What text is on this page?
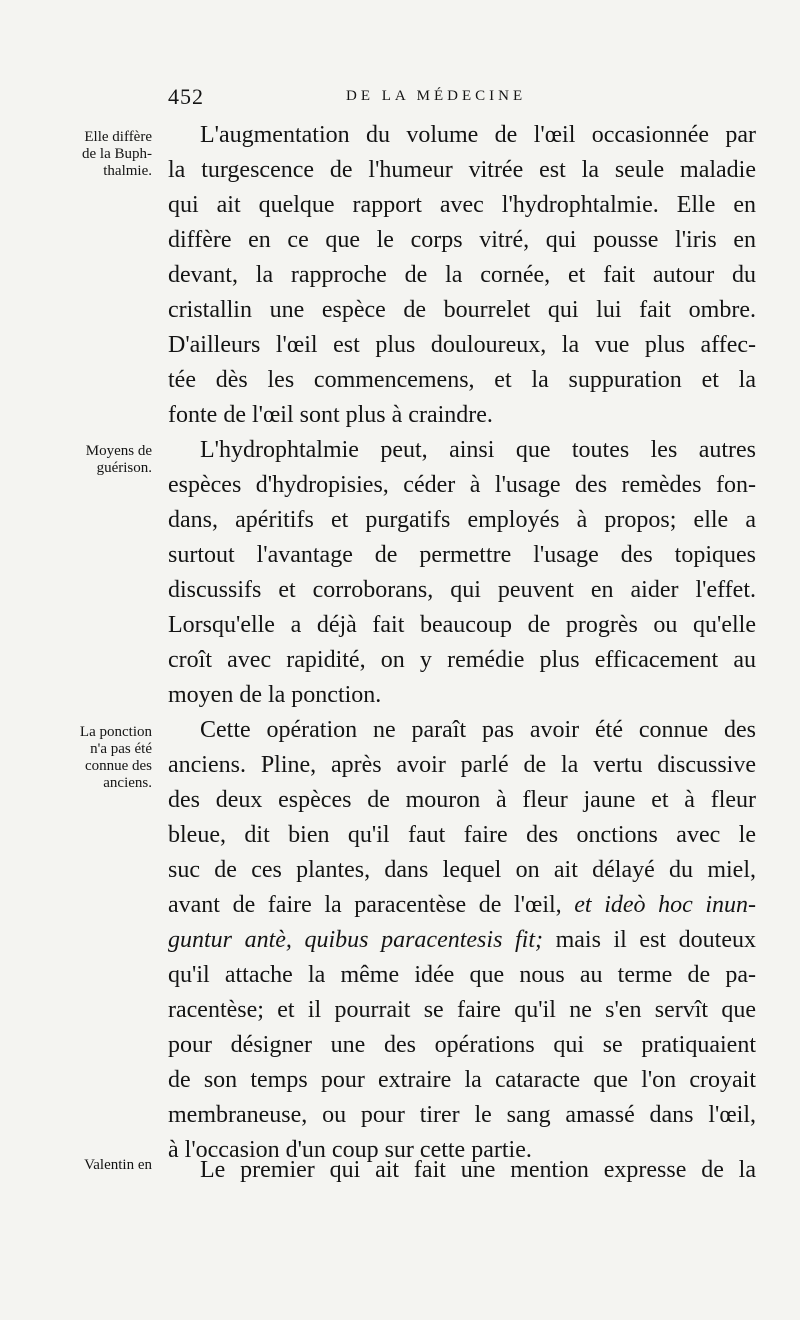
452	DE LA MÉDECINE
Elle diffère
de la Buph-
thalmie.
Moyens de
guérison.
La ponction
n'a pas été
connue des
anciens.
Valentin en
L'augmentation du volume de l'œil occasionnée par
la turgescence de l'humeur vitrée est la seule maladie
qui ait quelque rapport avec l'hydrophtalmie. Elle en
diffère en ce que le corps vitré, qui pousse l'iris en
devant, la rapproche de la cornée, et fait autour du
cristallin une espèce de bourrelet qui lui fait ombre.
D'ailleurs l'œil est plus douloureux, la vue plus affec-
tée dès les commencemens, et la suppuration et la
fonte de l'œil sont plus à craindre.
L'hydrophtalmie peut, ainsi que toutes les autres
espèces d'hydropisies, céder à l'usage des remèdes fon-
dans, apéritifs et purgatifs employés à propos; elle a
surtout l'avantage de permettre l'usage des topiques
discussifs et corroborans, qui peuvent en aider l'effet.
Lorsqu'elle a déjà fait beaucoup de progrès ou qu'elle
croît avec rapidité, on y remédie plus efficacement au
moyen de la ponction.
Cette opération ne paraît pas avoir été connue des
anciens. Pline, après avoir parlé de la vertu discussive
des deux espèces de mouron à fleur jaune et à fleur
bleue, dit bien qu'il faut faire des onctions avec le
suc de ces plantes, dans lequel on ait délayé du miel,
avant de faire la paracentèse de l'œil, et ideò hoc inun-
guntur antè, quibus paracentesis fit; mais il est douteux
qu'il attache la même idée que nous au terme de pa-
racentèse; et il pourrait se faire qu'il ne s'en servît que
pour désigner une des opérations qui se pratiquaient
de son temps pour extraire la cataracte que l'on croyait
membraneuse, ou pour tirer le sang amassé dans l'œil,
à l'occasion d'un coup sur cette partie.
Le premier qui ait fait une mention expresse de la
